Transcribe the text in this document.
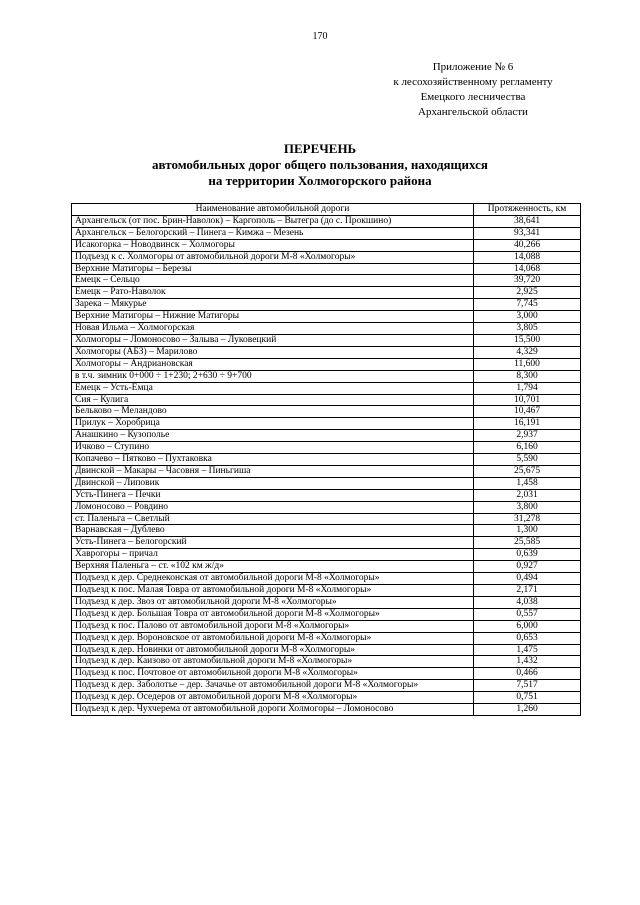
170
Приложение № 6
к лесохозяйственному регламенту
Емецкого лесничества
Архангельской области
ПЕРЕЧЕНЬ
автомобильных дорог общего пользования, находящихся
на территории Холмогорского района
Наименование автомобильной дороги	Протяженность, км
Архангельск (от пос. Брин-Наволок) – Каргополь – Вытегра (до с. Прокшино)	38,641
Архангельск – Белогорский – Пинега – Кимжа – Мезень	93,341
Исакогорка – Новодвинск – Холмогоры	40,266
Подъезд к с. Холмогоры от автомобильной дороги М-8 «Холмогоры»	14,088
Верхние Матигоры – Березы	14,068
Емецк – Сельцо	39,720
Емецк – Рато-Наволок	2,925
Зарека – Мякурье	7,745
Верхние Матигоры – Нижние Матигоры	3,000
Новая Ильма – Холмогорская	3,805
Холмогоры – Ломоносово – Залыва – Луковецкий	15,500
Холмогоры (АБЗ) – Марилово	4,329
Холмогоры – Андриановская	11,600
в т.ч. зимник 0+000 ÷ 1+230; 2+630 ÷ 9+700	8,300
Емецк – Усть-Емца	1,794
Сия – Кулига	10,701
Бельково – Меландово	10,467
Прилук – Хоробрица	16,191
Анашкино – Кузополье	2,937
Ичково – Ступино	6,160
Копачево – Пятково – Пухтаковка	5,590
Двинской – Макары – Часовня – Пиньгиша	25,675
Двинской – Липовик	1,458
Усть-Пинега – Печки	2,031
Ломоносово – Ровдино	3,800
ст. Паленьга – Светлый	31,278
Варнавская – Дублево	1,300
Усть-Пинега – Белогорский	25,585
Хаврогоры – причал	0,639
Верхняя Паленьга – ст. «102 км ж/д»	0,927
Подъезд к дер. Среднеконская от автомобильной дороги М-8 «Холмогоры»	0,494
Подъезд к пос. Малая Товра от автомобильной дороги М-8 «Холмогоры»	2,171
Подъезд к дер. Звоз от автомобильной дороги М-8 «Холмогоры»	4,038
Подъезд к дер. Большая Товра от автомобильной дороги М-8 «Холмогоры»	0,557
Подъезд к пос. Палово от автомобильной дороги М-8 «Холмогоры»	6,000
Подъезд к дер. Вороновское от автомобильной дороги М-8 «Холмогоры»	0,653
Подъезд к дер. Новинки от автомобильной дороги М-8 «Холмогоры»	1,475
Подъезд к дер. Каизово от автомобильной дороги М-8 «Холмогоры»	1,432
Подъезд к пос. Почтовое от автомобильной дороги М-8 «Холмогоры»	0,466
Подъезд к дер. Заболотье – дер. Зачачье от автомобильной дороги М-8 «Холмогоры»	7,517
Подъезд к дер. Оседеров от автомобильной дороги М-8 «Холмогоры»	0,751
Подъезд к дер. Чухчерема от автомобильной дороги Холмогоры – Ломоносово	1,260
